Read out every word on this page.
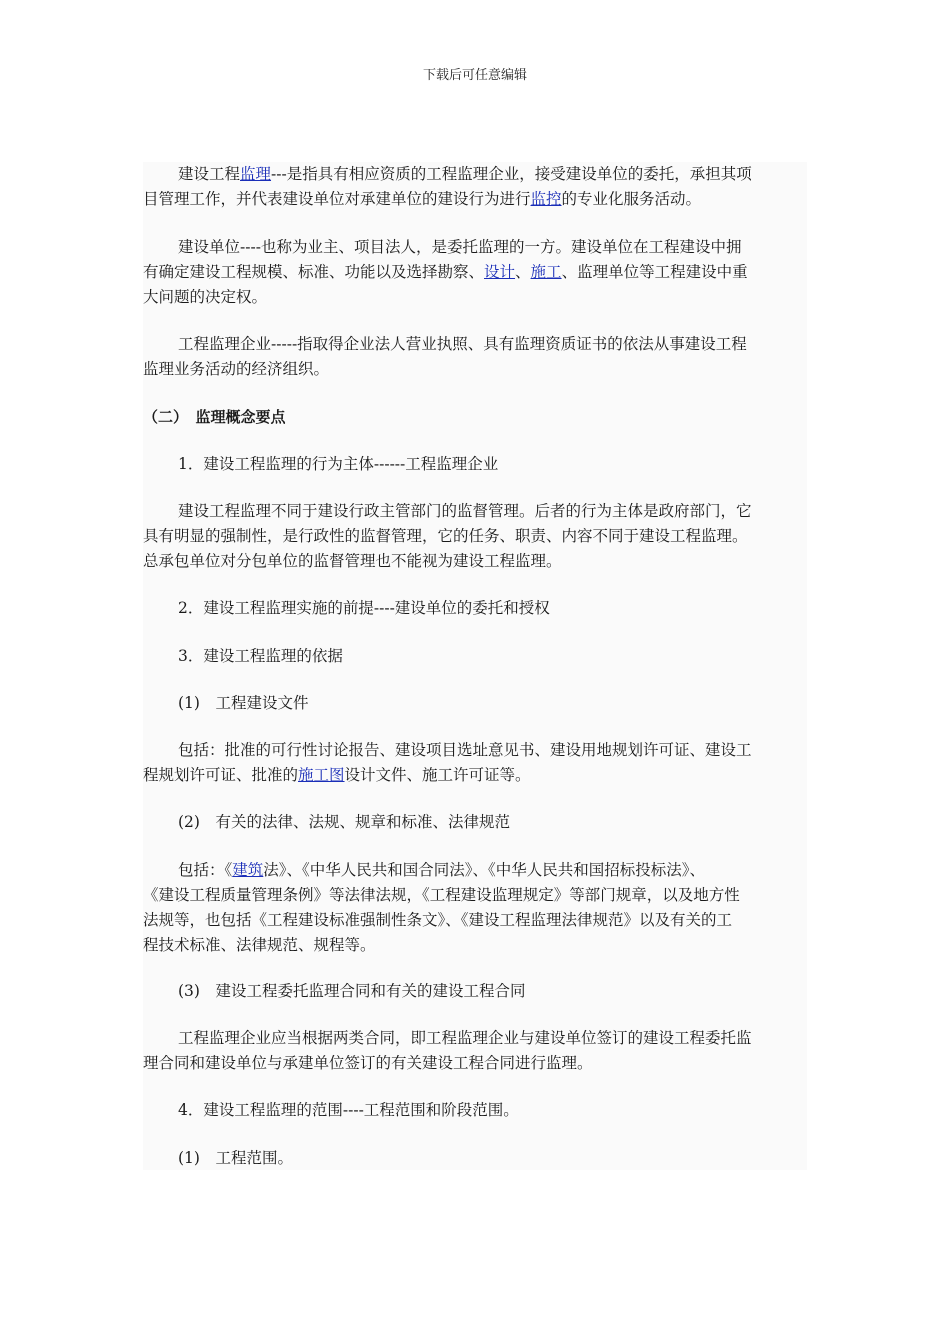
下载后可任意编辑
建设工程监理---是指具有相应资质的工程监理企业，接受建设单位的委托，承担其项
目管理工作，并代表建设单位对承建单位的建设行为进行监控的专业化服务活动。
建设单位----也称为业主、项目法人，是委托监理的一方。建设单位在工程建设中拥
有确定建设工程规模、标准、功能以及选择勘察、设计、施工、监理单位等工程建设中重
大问题的决定权。
工程监理企业-----指取得企业法人营业执照、具有监理资质证书的依法从事建设工程
监理业务活动的经济组织。
（二）　监理概念要点
1．建设工程监理的行为主体------工程监理企业
建设工程监理不同于建设行政主管部门的监督管理。后者的行为主体是政府部门，它
具有明显的强制性，是行政性的监督管理，它的任务、职责、内容不同于建设工程监理。
总承包单位对分包单位的监督管理也不能视为建设工程监理。
2．建设工程监理实施的前提----建设单位的委托和授权
3．建设工程监理的依据
(1)　工程建设文件
包括：批准的可行性讨论报告、建设项目选址意见书、建设用地规划许可证、建设工
程规划许可证、批准的施工图设计文件、施工许可证等。
(2)　有关的法律、法规、规章和标准、法律规范
包括：《建筑法》、《中华人民共和国合同法》、《中华人民共和国招标投标法》、
《建设工程质量管理条例》等法律法规，《工程建设监理规定》等部门规章，以及地方性
法规等，也包括《工程建设标准强制性条文》、《建设工程监理法律规范》以及有关的工
程技术标准、法律规范、规程等。
(3)　建设工程委托监理合同和有关的建设工程合同
工程监理企业应当根据两类合同，即工程监理企业与建设单位签订的建设工程委托监
理合同和建设单位与承建单位签订的有关建设工程合同进行监理。
4．建设工程监理的范围----工程范围和阶段范围。
(1)　工程范围。
